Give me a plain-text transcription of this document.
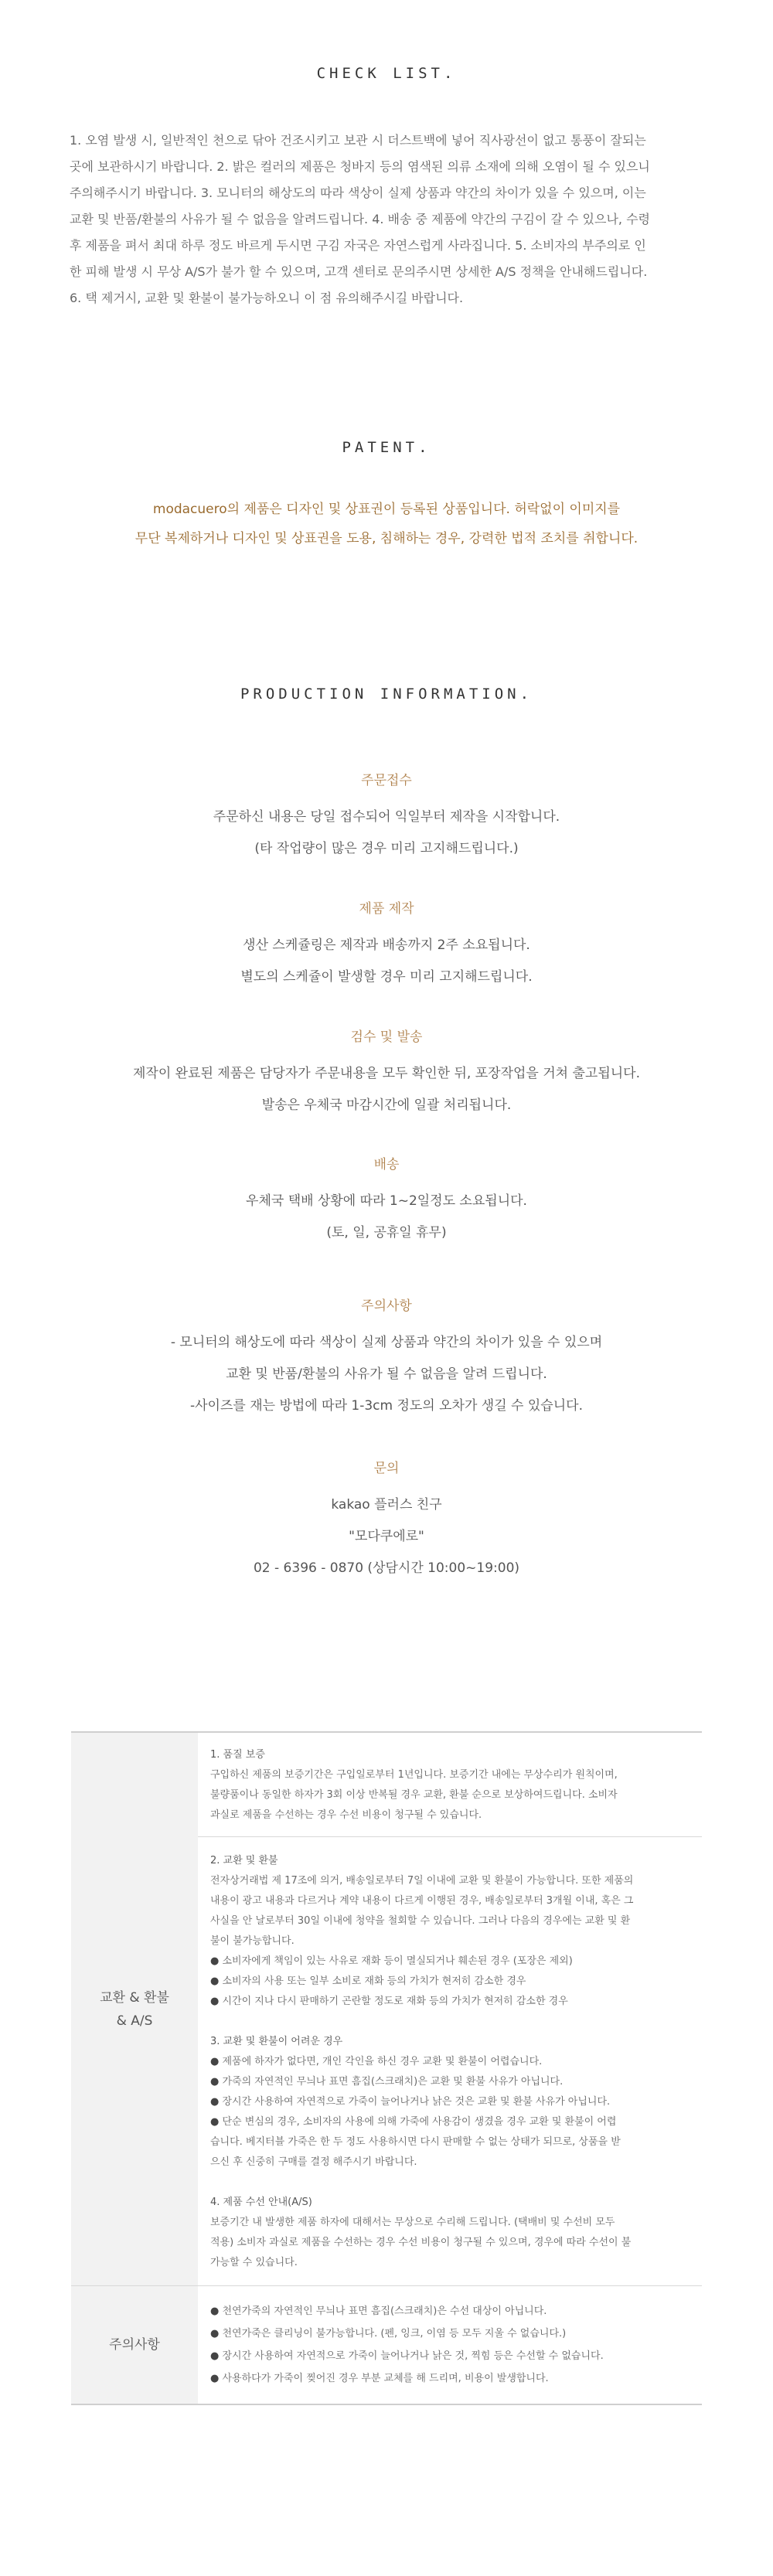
CHECK LIST.
1. 오염 발생 시, 일반적인 천으로 닦아 건조시키고 보관 시 더스트백에 넣어 직사광선이 없고 통풍이 잘되는
곳에 보관하시기 바랍니다. 2. 밝은 컬러의 제품은 청바지 등의 염색된 의류 소재에 의해 오염이 될 수 있으니
주의해주시기 바랍니다. 3. 모니터의 해상도의 따라 색상이 실제 상품과 약간의 차이가 있을 수 있으며, 이는
교환 및 반품/환불의 사유가 될 수 없음을 알려드립니다. 4. 배송 중 제품에 약간의 구김이 갈 수 있으나, 수령
후 제품을 펴서 최대 하루 정도 바르게 두시면 구김 자국은 자연스럽게 사라집니다. 5. 소비자의 부주의로 인
한 피해 발생 시 무상 A/S가 불가 할 수 있으며, 고객 센터로 문의주시면 상세한 A/S 정책을 안내해드립니다.
6. 택 제거시, 교환 및 환불이 불가능하오니 이 점 유의해주시길 바랍니다.
PATENT.
modacuero의 제품은 디자인 및 상표권이 등록된 상품입니다. 허락없이 이미지를
무단 복제하거나 디자인 및 상표권을 도용, 침해하는 경우, 강력한 법적 조치를 취합니다.
PRODUCTION INFORMATION.
주문접수
주문하신 내용은 당일 접수되어 익일부터 제작을 시작합니다.
(타 작업량이 많은 경우 미리 고지해드립니다.)
제품 제작
생산 스케쥴링은 제작과 배송까지 2주 소요됩니다.
별도의 스케쥴이 발생할 경우 미리 고지해드립니다.
검수 및 발송
제작이 완료된 제품은 담당자가 주문내용을 모두 확인한 뒤, 포장작업을 거쳐 출고됩니다.
발송은 우체국 마감시간에 일괄 처리됩니다.
배송
우체국 택배 상황에 따라 1~2일정도 소요됩니다.
(토, 일, 공휴일 휴무)
주의사항
- 모니터의 해상도에 따라 색상이 실제 상품과 약간의 차이가 있을 수 있으며
교환 및 반품/환불의 사유가 될 수 없음을 알려 드립니다.
-사이즈를 재는 방법에 따라 1-3cm 정도의 오차가 생길 수 있습니다.
문의
kakao 플러스 친구
"모다쿠에로"
02 - 6396 - 0870 (상담시간 10:00~19:00)
교환 & 환불
& A/S

1. 품질 보증

구입하신 제품의 보증기간은 구입일로부터 1년입니다. 보증기간 내에는 무상수리가 원칙이며,

불량품이나 동일한 하자가 3회 이상 반복될 경우 교환, 환불 순으로 보상하여드립니다. 소비자

과실로 제품을 수선하는 경우 수선 비용이 청구될 수 있습니다.

2. 교환 및 환불

전자상거래법 제 17조에 의거, 배송일로부터 7일 이내에 교환 및 환불이 가능합니다. 또한 제품의

내용이 광고 내용과 다르거나 계약 내용이 다르게 이행된 경우, 배송일로부터 3개월 이내, 혹은 그

사실을 안 날로부터 30일 이내에 청약을 철회할 수 있습니다. 그러나 다음의 경우에는 교환 및 환

불이 불가능합니다.

● 소비자에게 책임이 있는 사유로 재화 등이 멸실되거나 훼손된 경우 (포장은 제외)

● 소비자의 사용 또는 일부 소비로 재화 등의 가치가 현저히 감소한 경우

● 시간이 지나 다시 판매하기 곤란할 정도로 재화 등의 가치가 현저히 감소한 경우

3. 교환 및 환불이 어려운 경우

● 제품에 하자가 없다면, 개인 각인을 하신 경우 교환 및 환불이 어렵습니다.

● 가죽의 자연적인 무늬나 표면 흠집(스크래치)은 교환 및 환불 사유가 아닙니다.

● 장시간 사용하여 자연적으로 가죽이 늘어나거나 낡은 것은 교환 및 환불 사유가 아닙니다.

● 단순 변심의 경우, 소비자의 사용에 의해 가죽에 사용감이 생겼을 경우 교환 및 환불이 어렵

습니다. 베지터블 가죽은 한 두 정도 사용하시면 다시 판매할 수 없는 상태가 되므로, 상품을 받

으신 후 신중히 구매를 결정 해주시기 바랍니다.

4. 제품 수선 안내(A/S)

보증기간 내 발생한 제품 하자에 대해서는 무상으로 수리해 드립니다. (택배비 및 수선비 모두

적용) 소비자 과실로 제품을 수선하는 경우 수선 비용이 청구될 수 있으며, 경우에 따라 수선이 불

가능할 수 있습니다.

주의사항

● 천연가죽의 자연적인 무늬나 표면 흠집(스크래치)은 수선 대상이 아닙니다.

● 천연가죽은 클리닝이 불가능합니다. (펜, 잉크, 이염 등 모두 지울 수 없습니다.)

● 장시간 사용하여 자연적으로 가죽이 늘어나거나 낡은 것, 찍힘 등은 수선할 수 없습니다.

● 사용하다가 가죽이 찢어진 경우 부분 교체를 해 드리며, 비용이 발생합니다.
